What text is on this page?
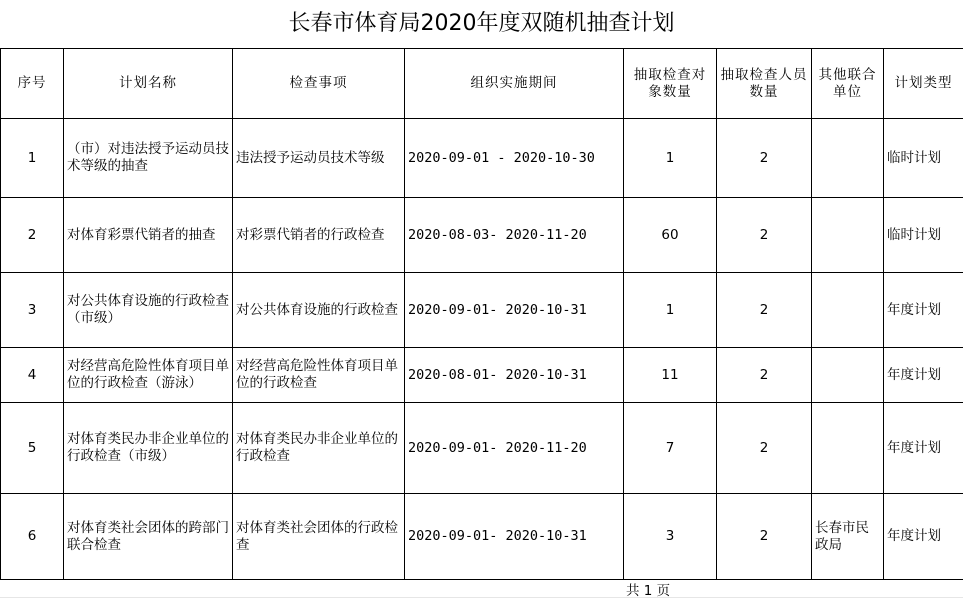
长春市体育局2020年度双随机抽查计划
序号	计划名称	检查事项	组织实施期间	抽取检查对象数量	抽取检查人员数量	其他联合单位	计划类型
1	（市）对违法授予运动员技术等级的抽查	违法授予运动员技术等级	2020-09-01 - 2020-10-30	1	2		临时计划
2	对体育彩票代销者的抽查	对彩票代销者的行政检查	2020-08-03- 2020-11-20	60	2		临时计划
3	对公共体育设施的行政检查（市级）	对公共体育设施的行政检查	2020-09-01- 2020-10-31	1	2		年度计划
4	对经营高危险性体育项目单位的行政检查（游泳）	对经营高危险性体育项目单位的行政检查	2020-08-01- 2020-10-31	11	2		年度计划
5	对体育类民办非企业单位的行政检查（市级）	对体育类民办非企业单位的行政检查	2020-09-01- 2020-11-20	7	2		年度计划
6	对体育类社会团体的跨部门联合检查	对体育类社会团体的行政检查	2020-09-01- 2020-10-31	3	2	长春市民政局	年度计划
共 1 页
